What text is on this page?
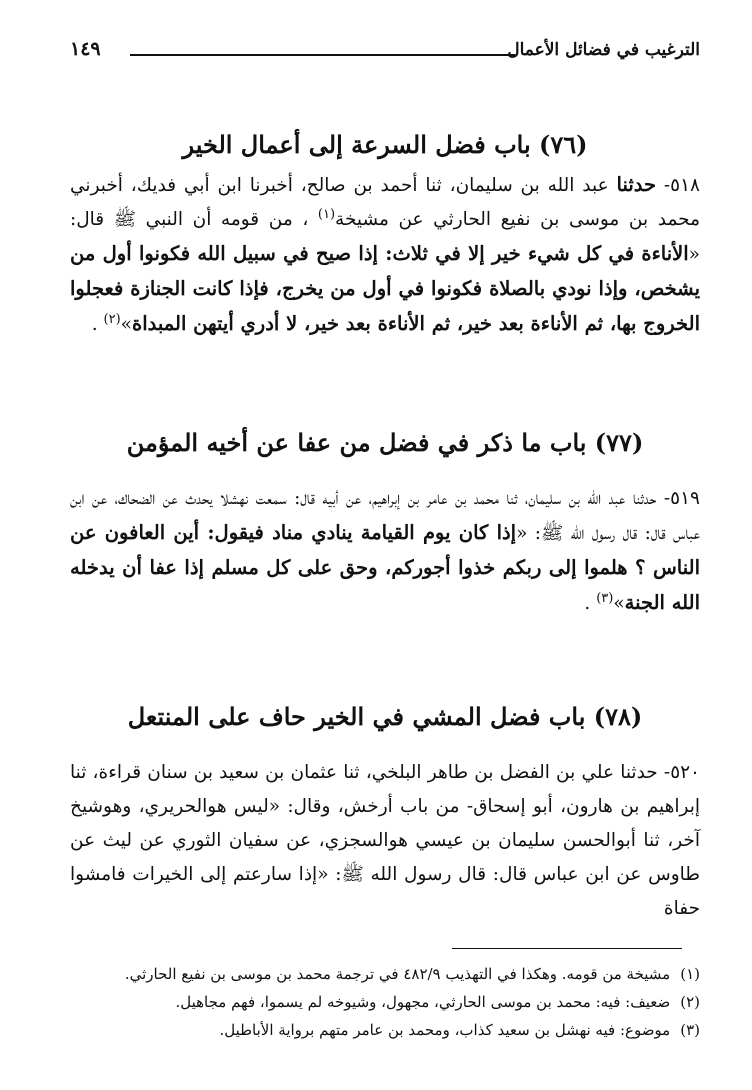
الترغيب في فضائل الأعمال
١٤٩
(٧٦) باب فضل السرعة إلى أعمال الخير

٥١٨- حدثنا عبد الله بن سليمان، ثنا أحمد بن صالح، أخبرنا ابن أبي فديك، أخبرني محمد بن موسى بن نفيع الحارثي عن مشيخة$^{(١)}$ ، من قومه أن النبي ﷺ قال: «الأناءة في كل شيء خير إلا في ثلاث: إذا صيح في سبيل الله فكونوا أول من يشخص، وإذا نودي بالصلاة فكونوا في أول من يخرج، فإذا كانت الجنازة فعجلوا الخروج بها، ثم الأناءة بعد خير، ثم الأناءة بعد خير، لا أدري أيتهن المبداة»$^{(٢)}$ .

(٧٧) باب ما ذكر في فضل من عفا عن أخيه المؤمن

٥١٩- حدثنا عبد الله بن سليمان، ثنا محمد بن عامر بن إبراهيم، عن أبيه قال: سمعت نهشلا يحدث عن الضحاك، عن ابن عباس قال: قال رسول الله ﷺ: «إذا كان يوم القيامة ينادي مناد فيقول: أين العافون عن الناس ؟ هلموا إلى ربكم خذوا أجوركم، وحق على كل مسلم إذا عفا أن يدخله الله الجنة»$^{(٣)}$ .

(٧٨) باب فضل المشي في الخير حاف على المنتعل

٥٢٠- حدثنا علي بن الفضل بن طاهر البلخي، ثنا عثمان بن سعيد بن سنان قراءة، ثنا إبراهيم بن هارون، أبو إسحاق- من باب أرخش، وقال: «ليس هوالحريري، وهوشيخ آخر، ثنا أبوالحسن سليمان بن عيسي هوالسجزي، عن سفيان الثوري عن ليث عن طاوس عن ابن عباس قال: قال رسول الله ﷺ: «إذا سارعتم إلى الخيرات فامشوا حفاة

(١)مشيخة من قومه. وهكذا في التهذيب ٤٨٢/٩ في ترجمة محمد بن موسى بن نفيع الحارثي.
(٢)ضعيف: فيه: محمد بن موسى الحارثي، مجهول، وشيوخه لم يسموا، فهم مجاهيل.
(٣)موضوع: فيه نهشل بن سعيد كذاب، ومحمد بن عامر متهم برواية الأباطيل.
